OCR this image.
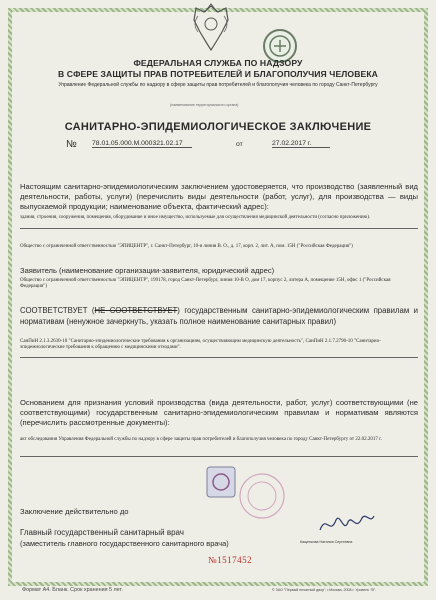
ФЕДЕРАЛЬНАЯ СЛУЖБА ПО НАДЗОРУ
В СФЕРЕ ЗАЩИТЫ ПРАВ ПОТРЕБИТЕЛЕЙ И БЛАГОПОЛУЧИЯ ЧЕЛОВЕКА
Управление Федеральной службы по надзору в сфере защиты прав потребителей и благополучия человека по городу Санкт-Петербургу
(наименование территориального органа)
САНИТАРНО-ЭПИДЕМИОЛОГИЧЕСКОЕ ЗАКЛЮЧЕНИЕ
№ 78.01.05.000.М.000321.02.17	от	27.02.2017 г.
Настоящим санитарно-эпидемиологическим заключением удостоверяется, что производство (заявленный вид деятельности, работы, услуги) (перечислить виды деятельности (работ, услуг), для производства — виды выпускаемой продукции; наименование объекта, фактический адрес):
здания, строения, сооружения, помещения, оборудование и иное имущество, используемые для осуществления медицинской деятельности (согласно приложению).
Общество с ограниченной ответственностью "ЭПИЦЕНТР", г. Санкт-Петербург, 10-я линия В. О., д. 17, корп. 2, лит. А, пом. 15Н ("Российская Федерация")
Заявитель (наименование организации-заявителя, юридический адрес)
Общество с ограниченной ответственностью "ЭПИЦЕНТР", 199178, город Санкт-Петербург, линия 10-В О, дом 17, корпус 2, литера А, помещение 15Н, офис 1 ("Российская Федерация")
СООТВЕТСТВУЕТ (НЕ СООТВЕТСТВУЕТ) государственным санитарно-эпидемиологическим правилам и нормативам (ненужное зачеркнуть, указать полное наименование санитарных правил)
СанПиН 2.1.3.2630-10 "Санитарно-эпидемиологические требования к организациям, осуществляющим медицинскую деятельность", СанПиН 2.1.7.2790-10 "Санитарно-эпидемиологические требования к обращению с медицинскими отходами".
Основанием для признания условий производства (вида деятельности, работ, услуг) соответствующими (не соответствующими) государственным санитарно-эпидемиологическим правилам и нормативам являются (перечислить рассмотренные документы):
акт обследования Управления Федеральной службы по надзору в сфере защиты прав потребителей и благополучия человека по городу Санкт-Петербургу от 22.02.2017 г.
Заключение действительно до
Главный государственный санитарный врач
(заместитель главного государственного санитарного врача)	Кащенкова Наталия Сергеевна
№1517452
Формат А4. Бланк. Срок хранения 5 лет.	© ЗАО "Первый печатный двор", г.Москва, 2008 г. Уровень "В".
